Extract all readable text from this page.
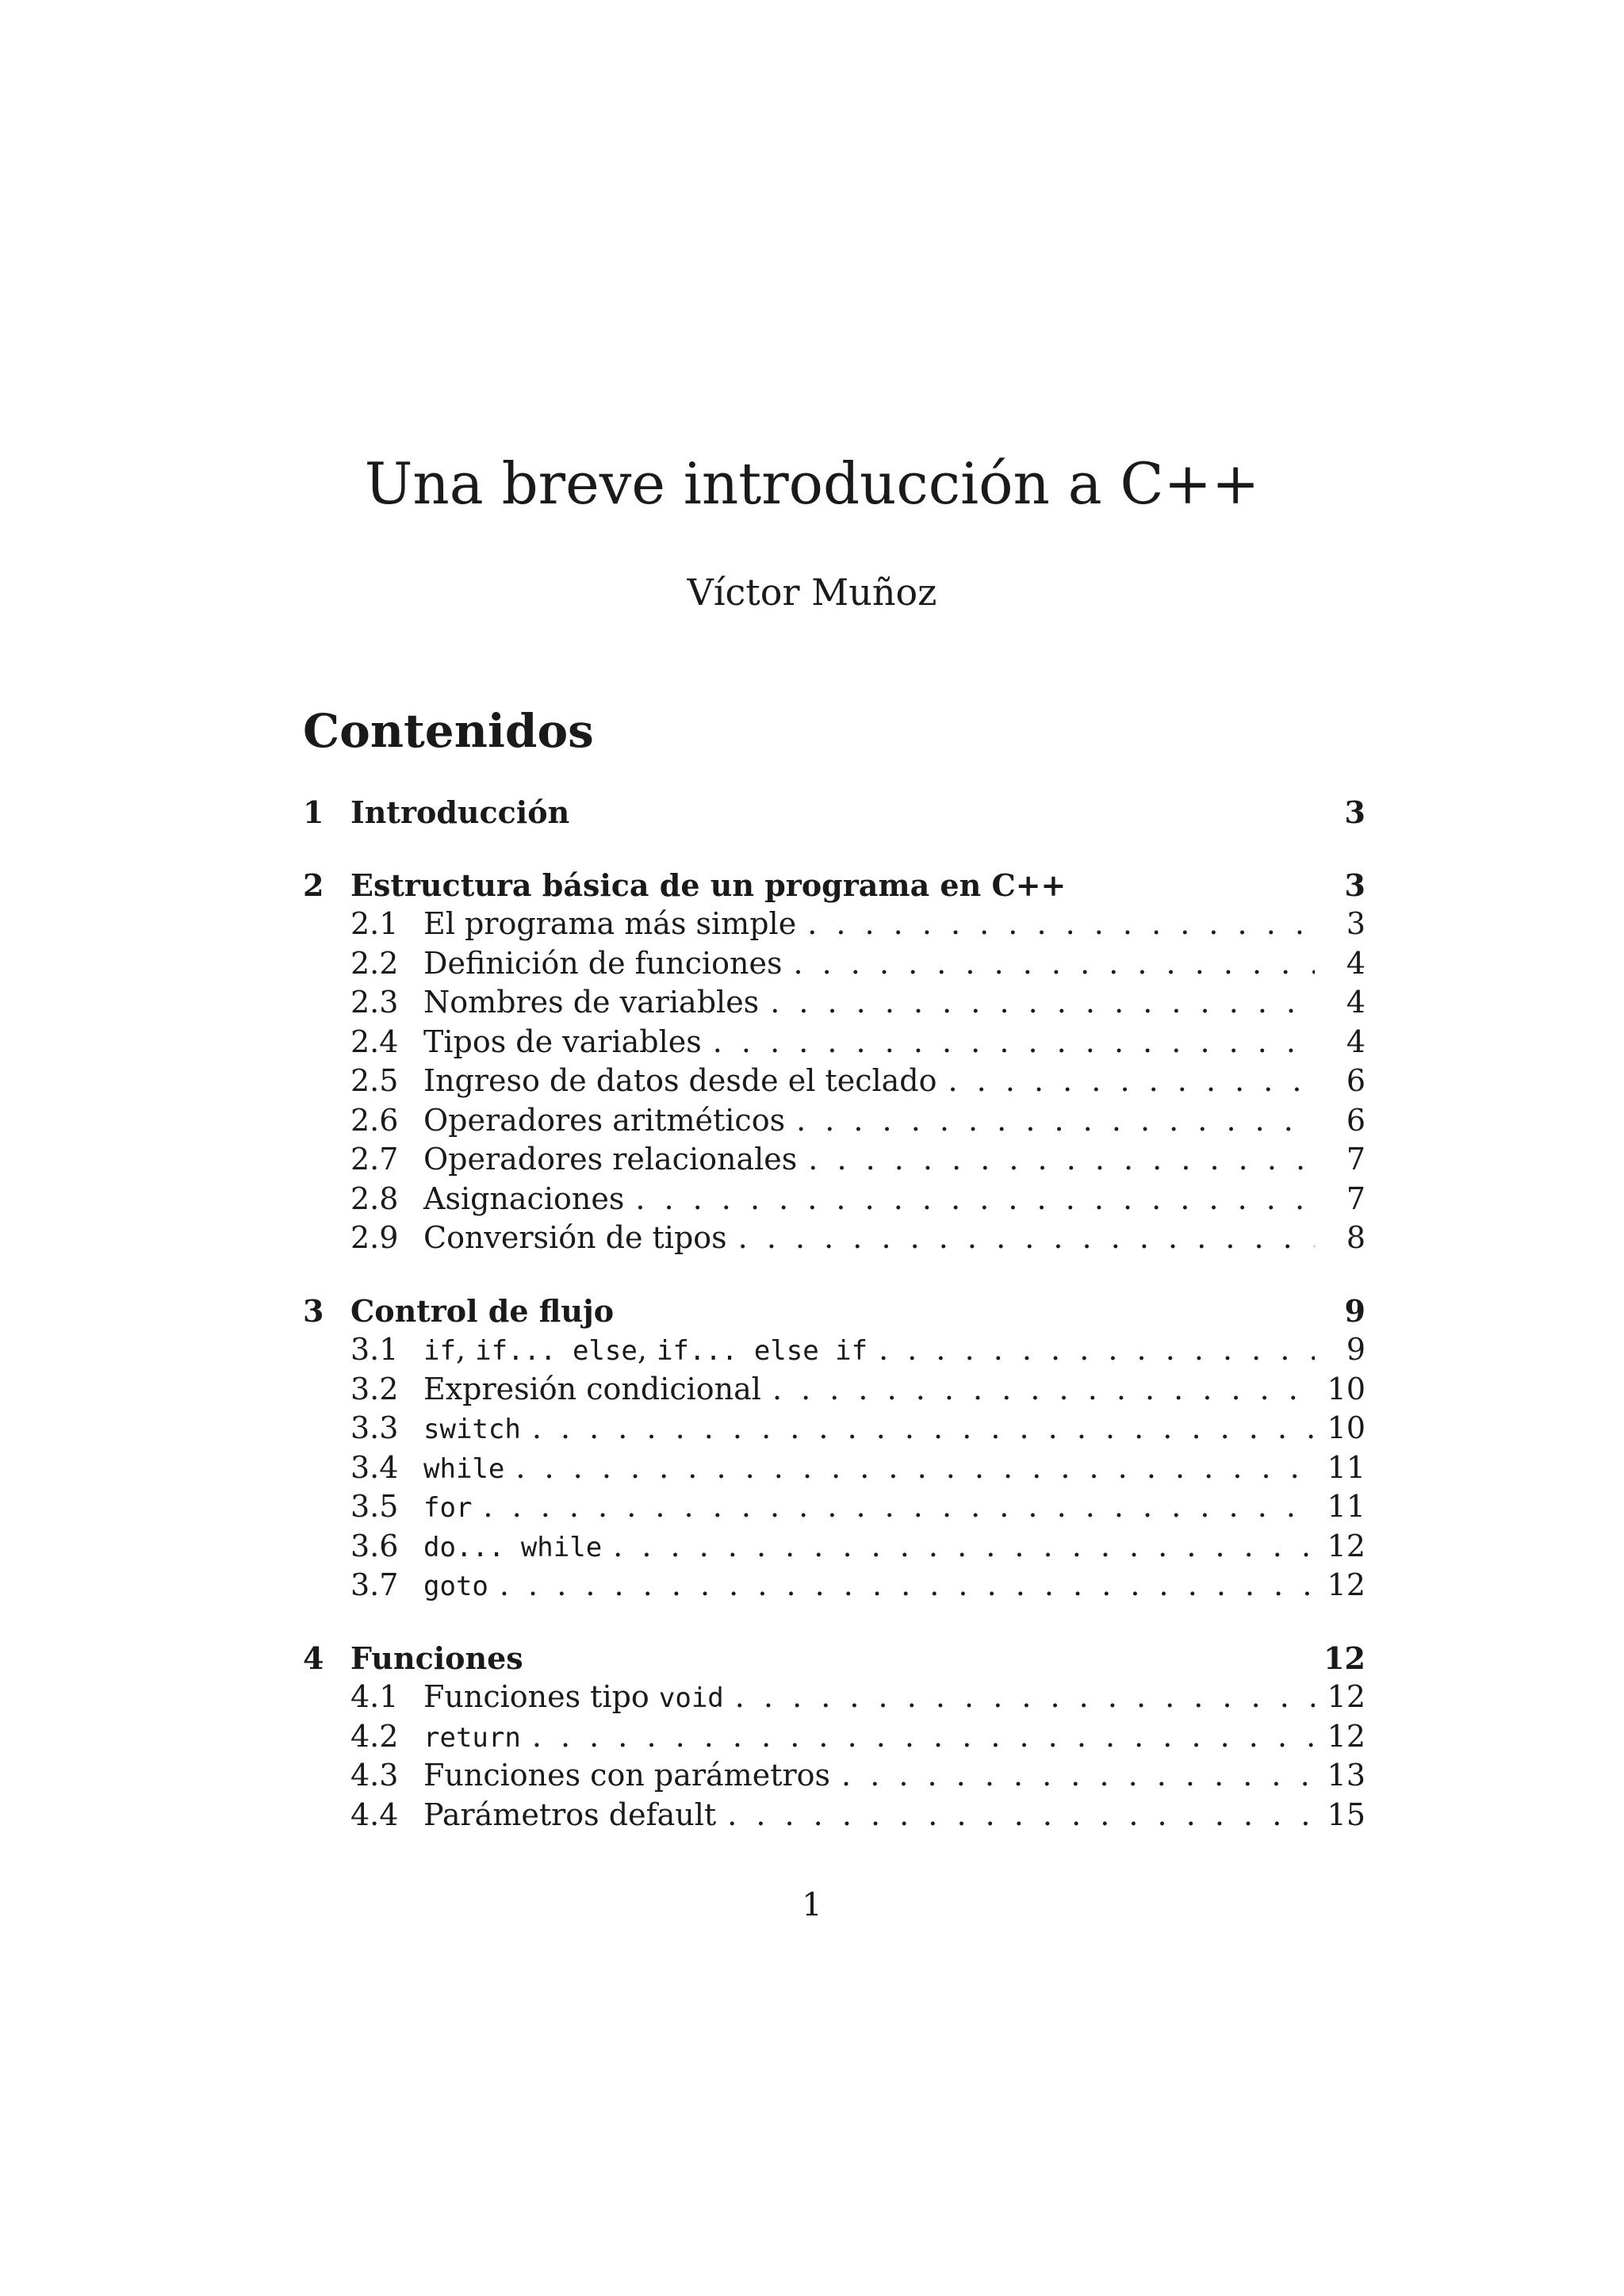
Una breve introducción a C++
Víctor Muñoz
Contenidos
1 Introducción	3
2 Estructura básica de un programa en C++	3
2.1 El programa más simple . . .	3
2.2 Definición de funciones . . .	4
2.3 Nombres de variables . . .	4
2.4 Tipos de variables . . .	4
2.5 Ingreso de datos desde el teclado . . .	6
2.6 Operadores aritméticos . . .	6
2.7 Operadores relacionales . . .	7
2.8 Asignaciones . . .	7
2.9 Conversión de tipos . . .	8
3 Control de flujo	9
3.1 if, if... else, if... else if . . .	9
3.2 Expresión condicional . . .	10
3.3 switch . . .	10
3.4 while . . .	11
3.5 for . . .	11
3.6 do... while . . .	12
3.7 goto . . .	12
4 Funciones	12
4.1 Funciones tipo void . . .	12
4.2 return . . .	12
4.3 Funciones con parámetros . . .	13
4.4 Parámetros default . . .	15
1
